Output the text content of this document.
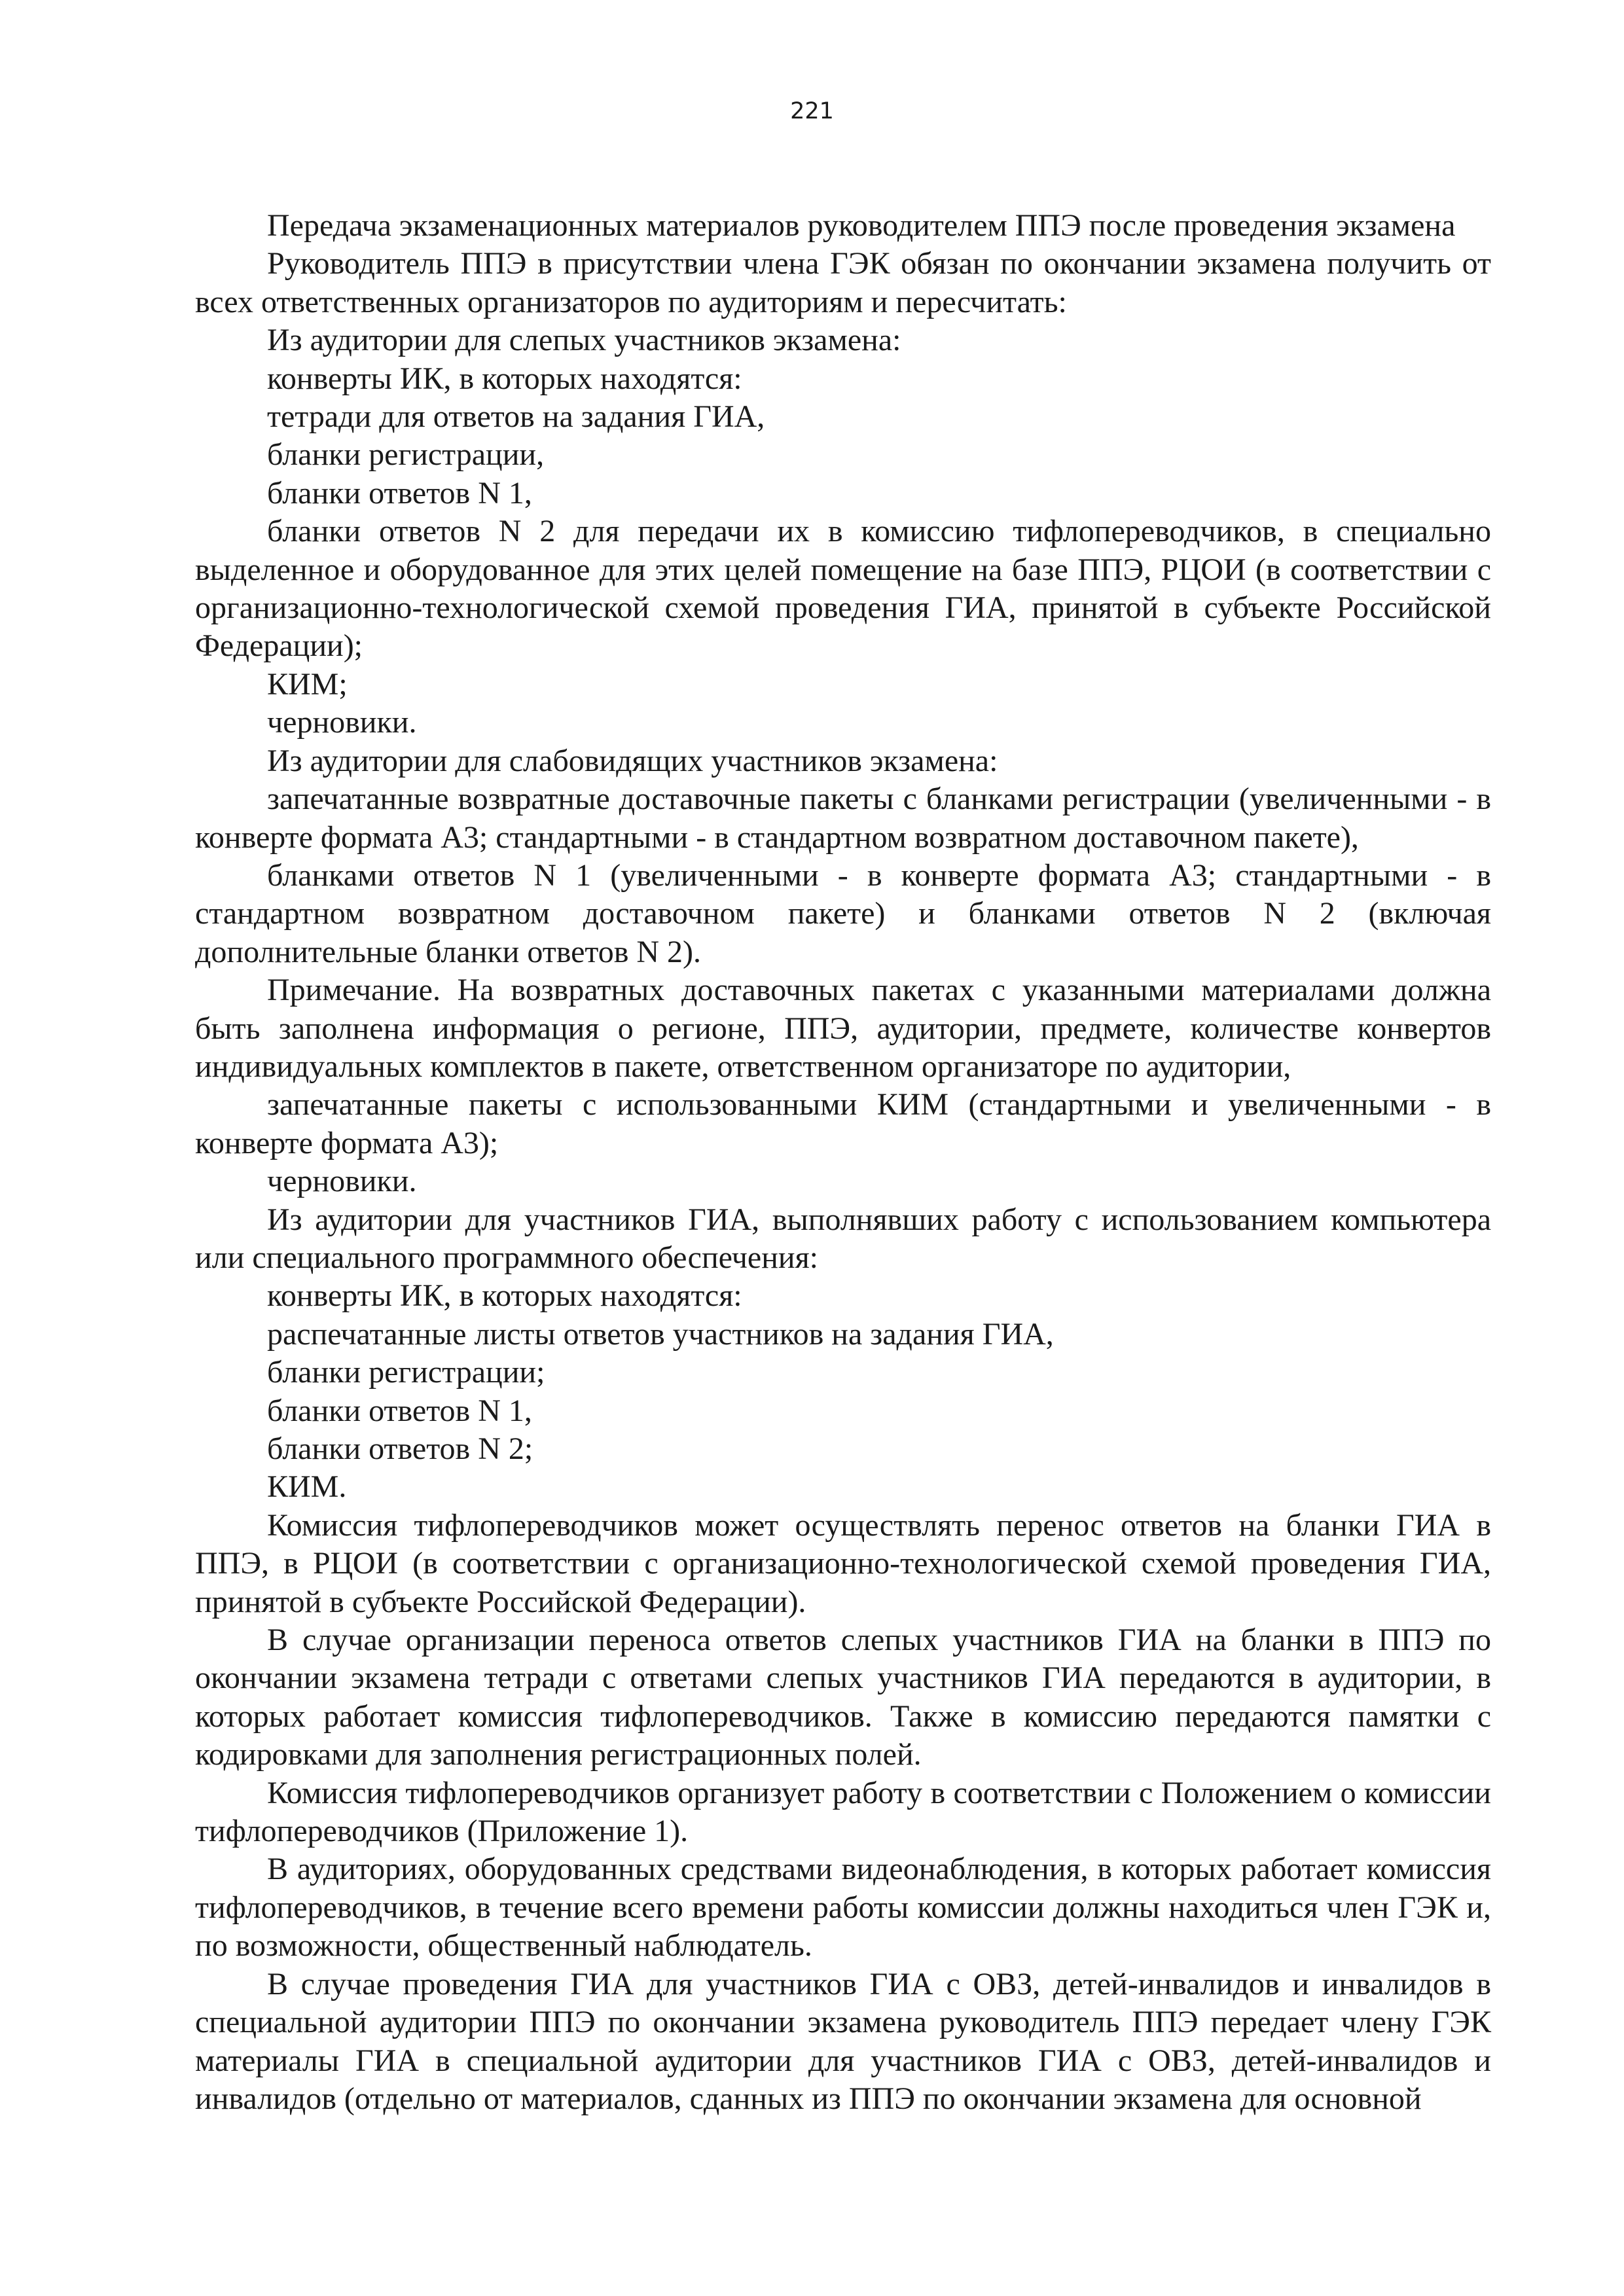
221

Передача экзаменационных материалов руководителем ППЭ после проведения экзамена

Руководитель ППЭ в присутствии члена ГЭК обязан по окончании экзамена получить от всех ответственных организаторов по аудиториям и пересчитать:

Из аудитории для слепых участников экзамена:

конверты ИК, в которых находятся:

тетради для ответов на задания ГИА,

бланки регистрации,

бланки ответов N 1,

бланки ответов N 2 для передачи их в комиссию тифлопереводчиков, в специально выделенное и оборудованное для этих целей помещение на базе ППЭ, РЦОИ (в соответствии с организационно-технологической схемой проведения ГИА, принятой в субъекте Российской Федерации);

КИМ;

черновики.

Из аудитории для слабовидящих участников экзамена:

запечатанные возвратные доставочные пакеты с бланками регистрации (увеличенными - в конверте формата А3; стандартными - в стандартном возвратном доставочном пакете),

бланками ответов N 1 (увеличенными - в конверте формата А3; стандартными - в стандартном возвратном доставочном пакете) и бланками ответов N 2 (включая дополнительные бланки ответов N 2).

Примечание. На возвратных доставочных пакетах с указанными материалами должна быть заполнена информация о регионе, ППЭ, аудитории, предмете, количестве конвертов индивидуальных комплектов в пакете, ответственном организаторе по аудитории,

запечатанные пакеты с использованными КИМ (стандартными и увеличенными - в конверте формата А3);

черновики.

Из аудитории для участников ГИА, выполнявших работу с использованием компьютера или специального программного обеспечения:

конверты ИК, в которых находятся:

распечатанные листы ответов участников на задания ГИА,

бланки регистрации;

бланки ответов N 1,

бланки ответов N 2;

КИМ.

Комиссия тифлопереводчиков может осуществлять перенос ответов на бланки ГИА в ППЭ, в РЦОИ (в соответствии с организационно-технологической схемой проведения ГИА, принятой в субъекте Российской Федерации).

В случае организации переноса ответов слепых участников ГИА на бланки в ППЭ по окончании экзамена тетради с ответами слепых участников ГИА передаются в аудитории, в которых работает комиссия тифлопереводчиков. Также в комиссию передаются памятки с кодировками для заполнения регистрационных полей.

Комиссия тифлопереводчиков организует работу в соответствии с Положением о комиссии тифлопереводчиков (Приложение 1).

В аудиториях, оборудованных средствами видеонаблюдения, в которых работает комиссия тифлопереводчиков, в течение всего времени работы комиссии должны находиться член ГЭК и, по возможности, общественный наблюдатель.

В случае проведения ГИА для участников ГИА с ОВЗ, детей-инвалидов и инвалидов в специальной аудитории ППЭ по окончании экзамена руководитель ППЭ передает члену ГЭК материалы ГИА в специальной аудитории для участников ГИА с ОВЗ, детей-инвалидов и инвалидов (отдельно от материалов, сданных из ППЭ по окончании экзамена для основной
